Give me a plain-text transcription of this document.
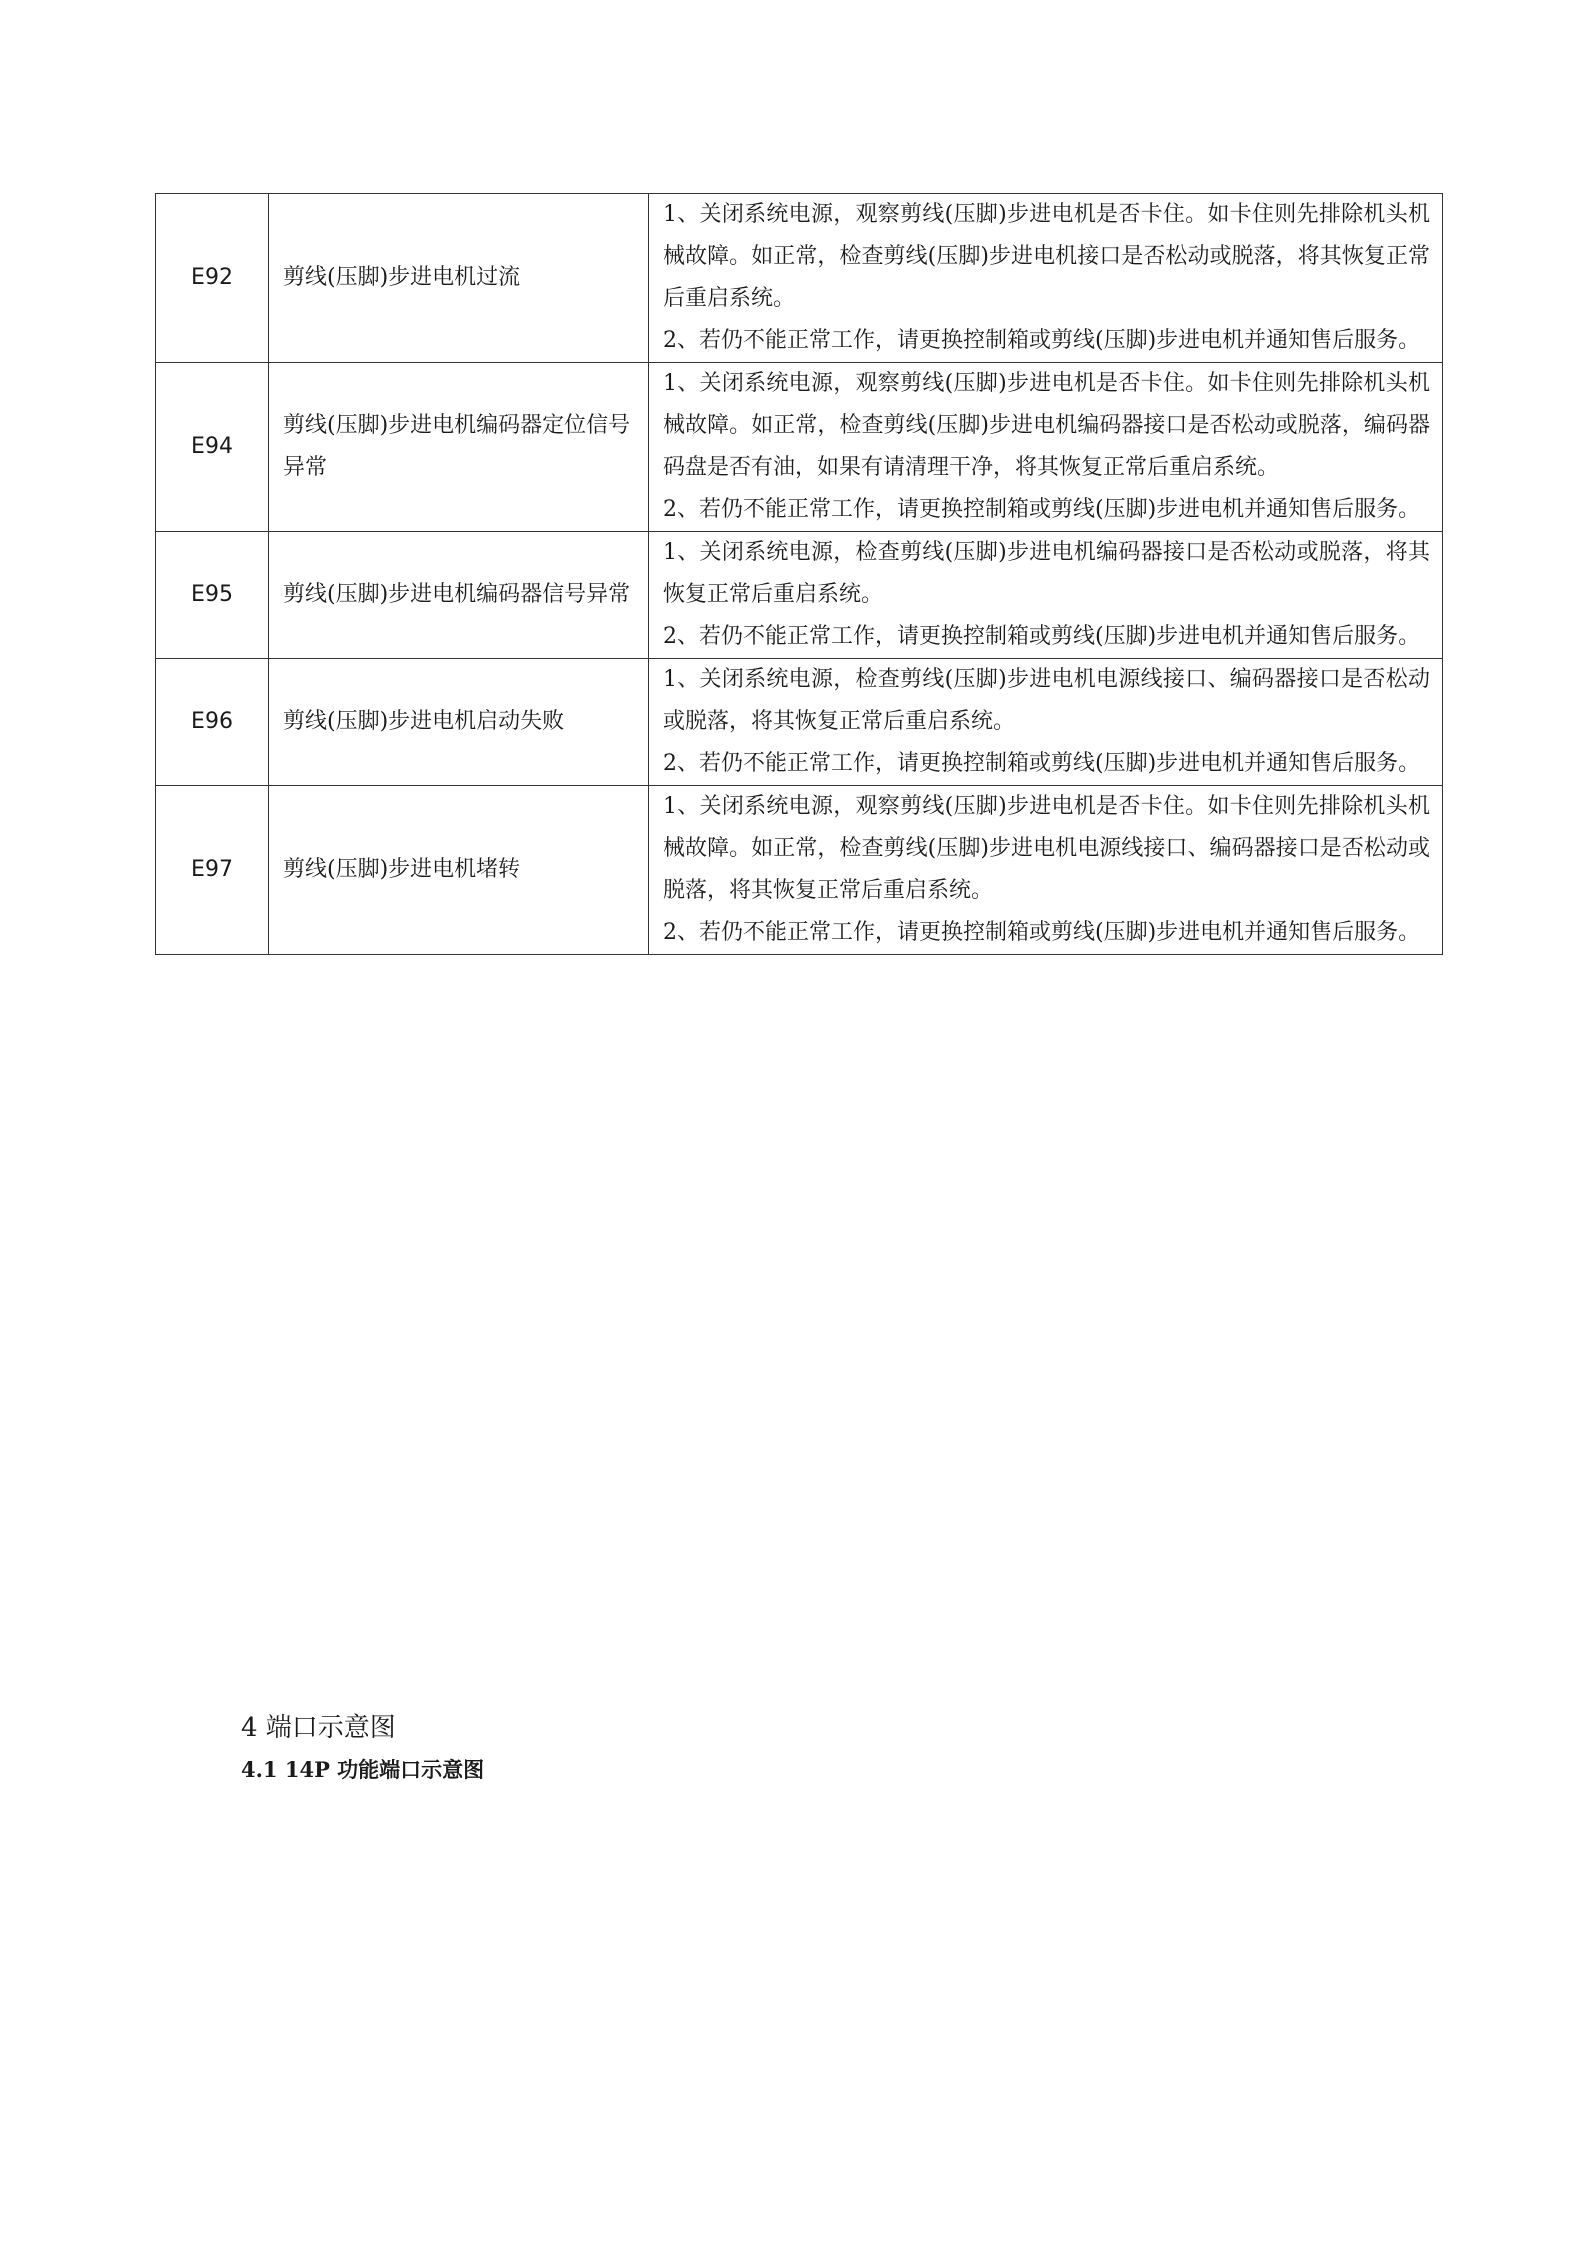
E92	剪线(压脚)步进电机过流	1、关闭系统电源，观察剪线(压脚)步进电机是否卡住。如卡住则先排除机头机械故障。如正常，检查剪线(压脚)步进电机接口是否松动或脱落，将其恢复正常后重启系统。
2、若仍不能正常工作，请更换控制箱或剪线(压脚)步进电机并通知售后服务。

E94	剪线(压脚)步进电机编码器定位信号异常	1、关闭系统电源，观察剪线(压脚)步进电机是否卡住。如卡住则先排除机头机械故障。如正常，检查剪线(压脚)步进电机编码器接口是否松动或脱落，编码器码盘是否有油，如果有请清理干净，将其恢复正常后重启系统。
2、若仍不能正常工作，请更换控制箱或剪线(压脚)步进电机并通知售后服务。

E95	剪线(压脚)步进电机编码器信号异常	1、关闭系统电源，检查剪线(压脚)步进电机编码器接口是否松动或脱落，将其恢复正常后重启系统。
2、若仍不能正常工作，请更换控制箱或剪线(压脚)步进电机并通知售后服务。

E96	剪线(压脚)步进电机启动失败	1、关闭系统电源，检查剪线(压脚)步进电机电源线接口、编码器接口是否松动或脱落，将其恢复正常后重启系统。
2、若仍不能正常工作，请更换控制箱或剪线(压脚)步进电机并通知售后服务。

E97	剪线(压脚)步进电机堵转	1、关闭系统电源，观察剪线(压脚)步进电机是否卡住。如卡住则先排除机头机械故障。如正常，检查剪线(压脚)步进电机电源线接口、编码器接口是否松动或脱落，将其恢复正常后重启系统。
2、若仍不能正常工作，请更换控制箱或剪线(压脚)步进电机并通知售后服务。
4 端口示意图
4.1 14P 功能端口示意图
